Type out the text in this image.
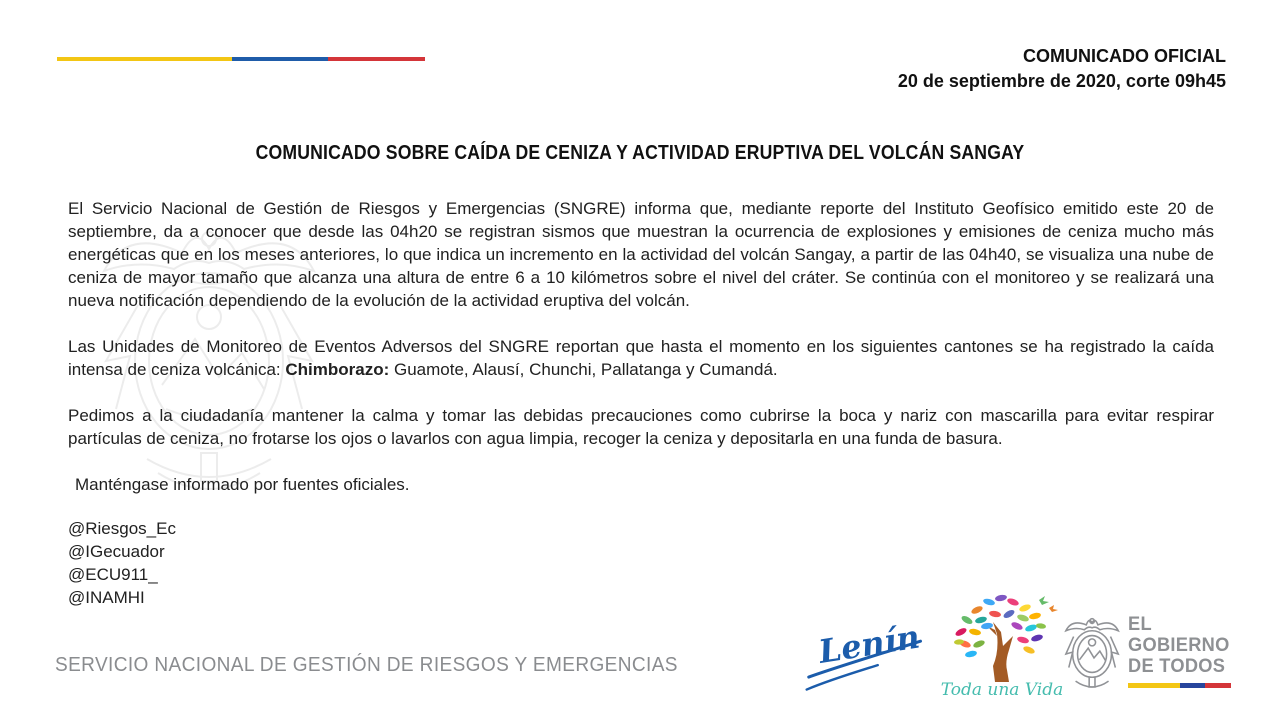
COMUNICADO OFICIAL
20 de septiembre de 2020, corte 09h45
COMUNICADO SOBRE CAÍDA DE CENIZA Y ACTIVIDAD ERUPTIVA DEL VOLCÁN SANGAY

El Servicio Nacional de Gestión de Riesgos y Emergencias (SNGRE) informa que, mediante reporte del Instituto Geofísico emitido este 20 de septiembre, da a conocer que desde las 04h20 se registran sismos que muestran la ocurrencia de explosiones y emisiones de ceniza mucho más energéticas que en los meses anteriores, lo que indica un incremento en la actividad del volcán Sangay, a partir de las 04h40, se visualiza una nube de ceniza de mayor tamaño que alcanza una altura de entre 6 a 10 kilómetros sobre el nivel del cráter. Se continúa con el monitoreo y se realizará una nueva notificación dependiendo de la evolución de la actividad eruptiva del volcán.

Las Unidades de Monitoreo de Eventos Adversos del SNGRE reportan que hasta el momento en los siguientes cantones se ha registrado la caída intensa de ceniza volcánica: Chimborazo: Guamote, Alausí, Chunchi, Pallatanga y Cumandá.

Pedimos a la ciudadanía mantener la calma y tomar las debidas precauciones como cubrirse la boca y nariz con mascarilla para evitar respirar partículas de ceniza, no frotarse los ojos o lavarlos con agua limpia, recoger la ceniza y depositarla en una funda de basura.

Manténgase informado por fuentes oficiales.

@Riesgos_Ec
@IGecuador
@ECU911_
@INAMHI
SERVICIO NACIONAL DE GESTIÓN DE RIESGOS Y EMERGENCIAS	Lenín
Toda una Vida
EL
GOBIERNO
DE TODOS
